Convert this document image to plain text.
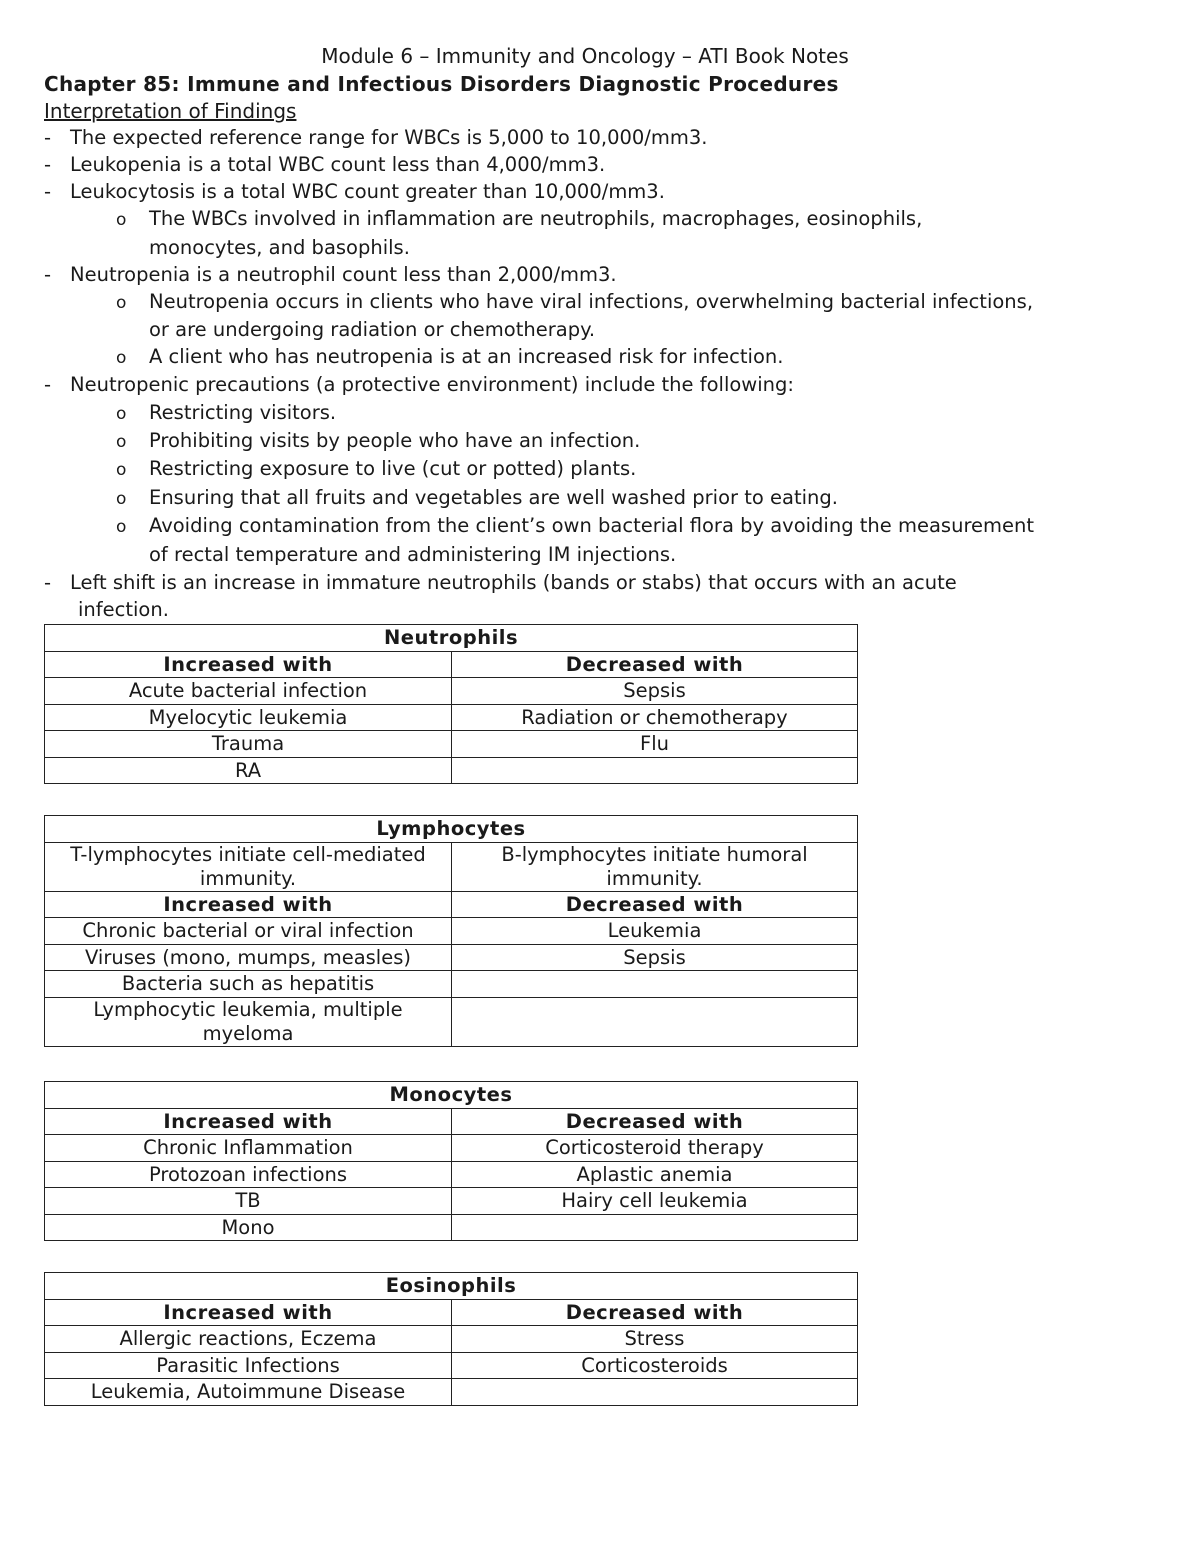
Module 6 – Immunity and Oncology – ATI Book Notes
Chapter 85: Immune and Infectious Disorders Diagnostic Procedures
Interpretation of Findings
- The expected reference range for WBCs is 5,000 to 10,000/mm3.
- Leukopenia is a total WBC count less than 4,000/mm3.
- Leukocytosis is a total WBC count greater than 10,000/mm3.
o The WBCs involved in inflammation are neutrophils, macrophages, eosinophils,
monocytes, and basophils.
- Neutropenia is a neutrophil count less than 2,000/mm3.
o Neutropenia occurs in clients who have viral infections, overwhelming bacterial infections,
or are undergoing radiation or chemotherapy.
o A client who has neutropenia is at an increased risk for infection.
- Neutropenic precautions (a protective environment) include the following:
o Restricting visitors.
o Prohibiting visits by people who have an infection.
o Restricting exposure to live (cut or potted) plants.
o Ensuring that all fruits and vegetables are well washed prior to eating.
o Avoiding contamination from the client’s own bacterial flora by avoiding the measurement
of rectal temperature and administering IM injections.
- Left shift is an increase in immature neutrophils (bands or stabs) that occurs with an acute
infection.
Neutrophils	
Increased with	Decreased with
Acute bacterial infection	Sepsis
Myelocytic leukemia	Radiation or chemotherapy
Trauma	Flu
RA	
Lymphocytes	
T-lymphocytes initiate cell-mediated immunity.	B-lymphocytes initiate humoral immunity.
Increased with	Decreased with
Chronic bacterial or viral infection	Leukemia
Viruses (mono, mumps, measles)	Sepsis
Bacteria such as hepatitis	
Lymphocytic leukemia, multiple myeloma	
Monocytes	
Increased with	Decreased with
Chronic Inflammation	Corticosteroid therapy
Protozoan infections	Aplastic anemia
TB	Hairy cell leukemia
Mono	
Eosinophils	
Increased with	Decreased with
Allergic reactions, Eczema	Stress
Parasitic Infections	Corticosteroids
Leukemia, Autoimmune Disease	
